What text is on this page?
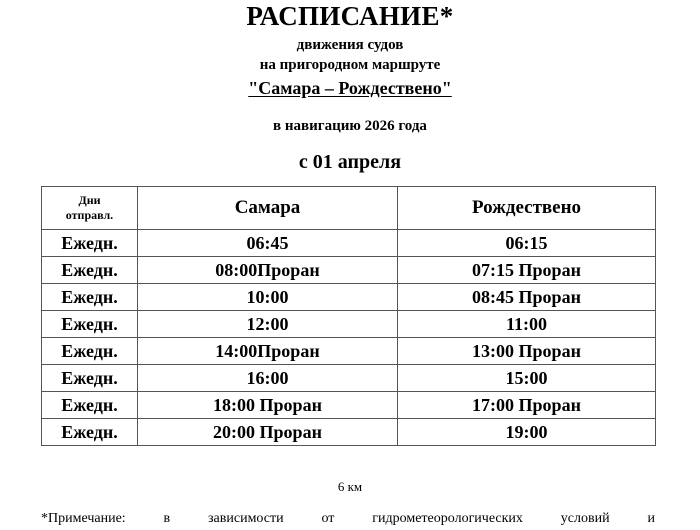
РАСПИСАНИЕ*
движения судов
на пригородном маршруте
"Самара – Рождествено"
в навигацию 2026 года
с 01 апреля
Дни
отправл.	Самара	Рождествено
Ежедн.	06:45	06:15
Ежедн.	08:00Проран	07:15 Проран
Ежедн.	10:00	08:45 Проран
Ежедн.	12:00	11:00
Ежедн.	14:00Проран	13:00 Проран
Ежедн.	16:00	15:00
Ежедн.	18:00 Проран	17:00 Проран
Ежедн.	20:00 Проран	19:00
6 км
*Примечание:	в	зависимости	от	гидрометеорологических	условий	и
